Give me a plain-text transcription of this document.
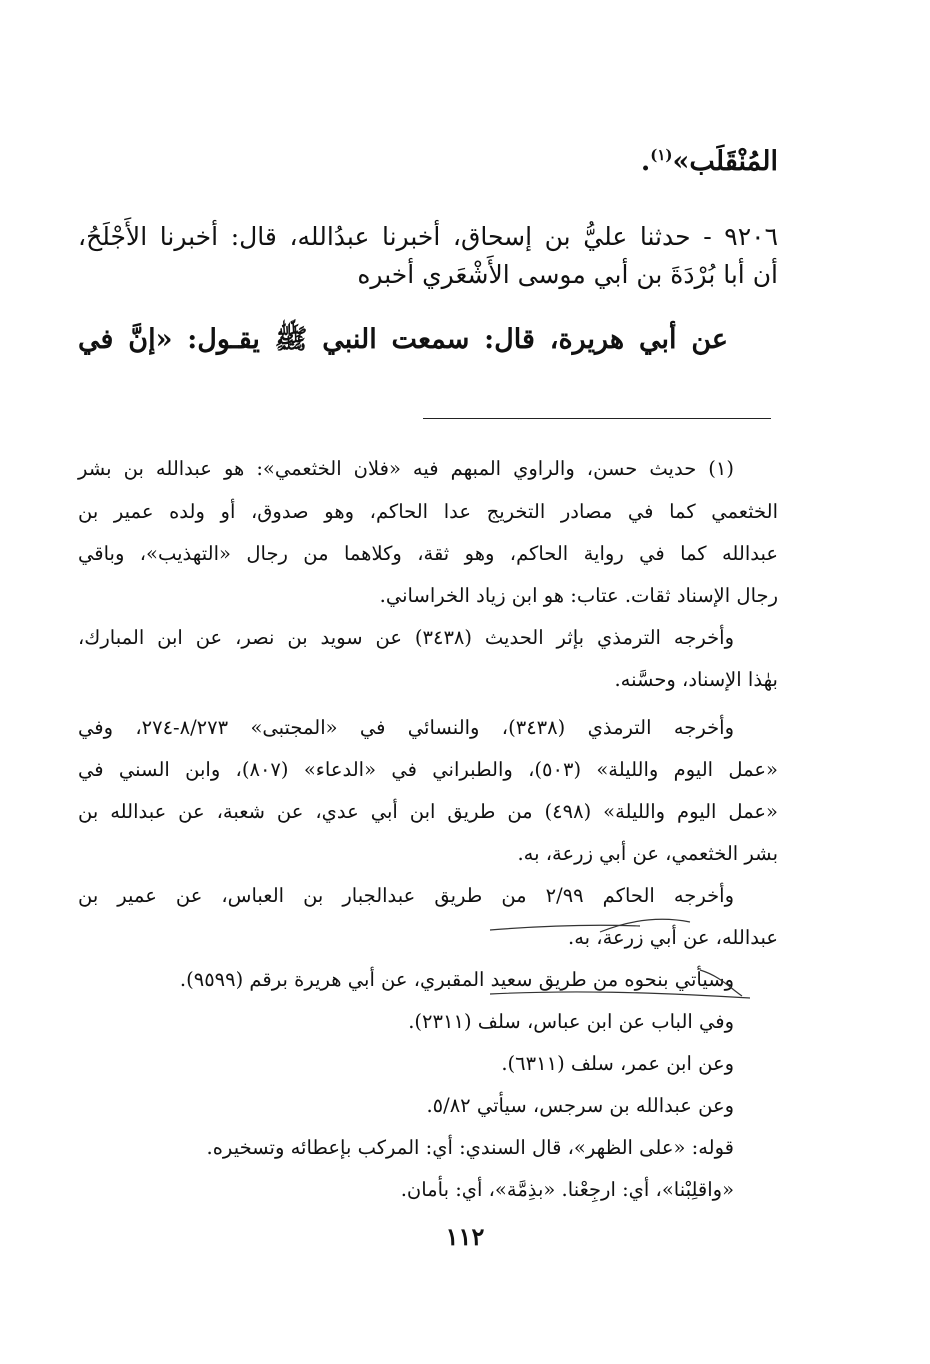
المُنْقَلَب»$^{(١)}$.
٩٢٠٦ - حدثنا عليُّ بن إسحاق، أخبرنا عبدُالله، قال: أخبرنا الأَجْلَحُ،
أن أبا بُرْدَةَ بن أبي موسى الأَشْعَري أخبره
عن أبي هريرة، قال: سمعت النبي ﷺ يقـول: «إنَّ في
(١) حديث حسن، والراوي المبهم فيه «فلان الخثعمي»: هو عبدالله بن بشر
الخثعمي كما في مصادر التخريج عدا الحاكم، وهو صدوق، أو ولده عمير بن
عبدالله كما في رواية الحاكم، وهو ثقة، وكلاهما من رجال «التهذيب»، وباقي
رجال الإسناد ثقات. عتاب: هو ابن زياد الخراساني.
وأخرجه الترمذي بإثر الحديث (٣٤٣٨) عن سويد بن نصر، عن ابن المبارك،
بهٰذا الإسناد، وحسَّنه.
وأخرجه الترمذي (٣٤٣٨)، والنسائي في «المجتبى» ٨/٢٧٣-٢٧٤، وفي
«عمل اليوم والليلة» (٥٠٣)، والطبراني في «الدعاء» (٨٠٧)، وابن السني في
«عمل اليوم والليلة» (٤٩٨) من طريق ابن أبي عدي، عن شعبة، عن عبدالله بن
بشر الخثعمي، عن أبي زرعة، به.
وأخرجه الحاكم ٢/٩٩ من طريق عبدالجبار بن العباس، عن عمير بن
عبدالله، عن أبي زرعة، به.
وسيأتي بنحوه من طريق سعيد المقبري، عن أبي هريرة برقم (٩٥٩٩).
وفي الباب عن ابن عباس، سلف (٢٣١١).
وعن ابن عمر، سلف (٦٣١١).
وعن عبدالله بن سرجس، سيأتي ٥/٨٢.
قوله: «على الظهر»، قال السندي: أي: المركب بإعطائه وتسخيره.
«واقلِبْنا»، أي: ارجِعْنا. «بذِمَّة»، أي: بأمان.
١١٢
